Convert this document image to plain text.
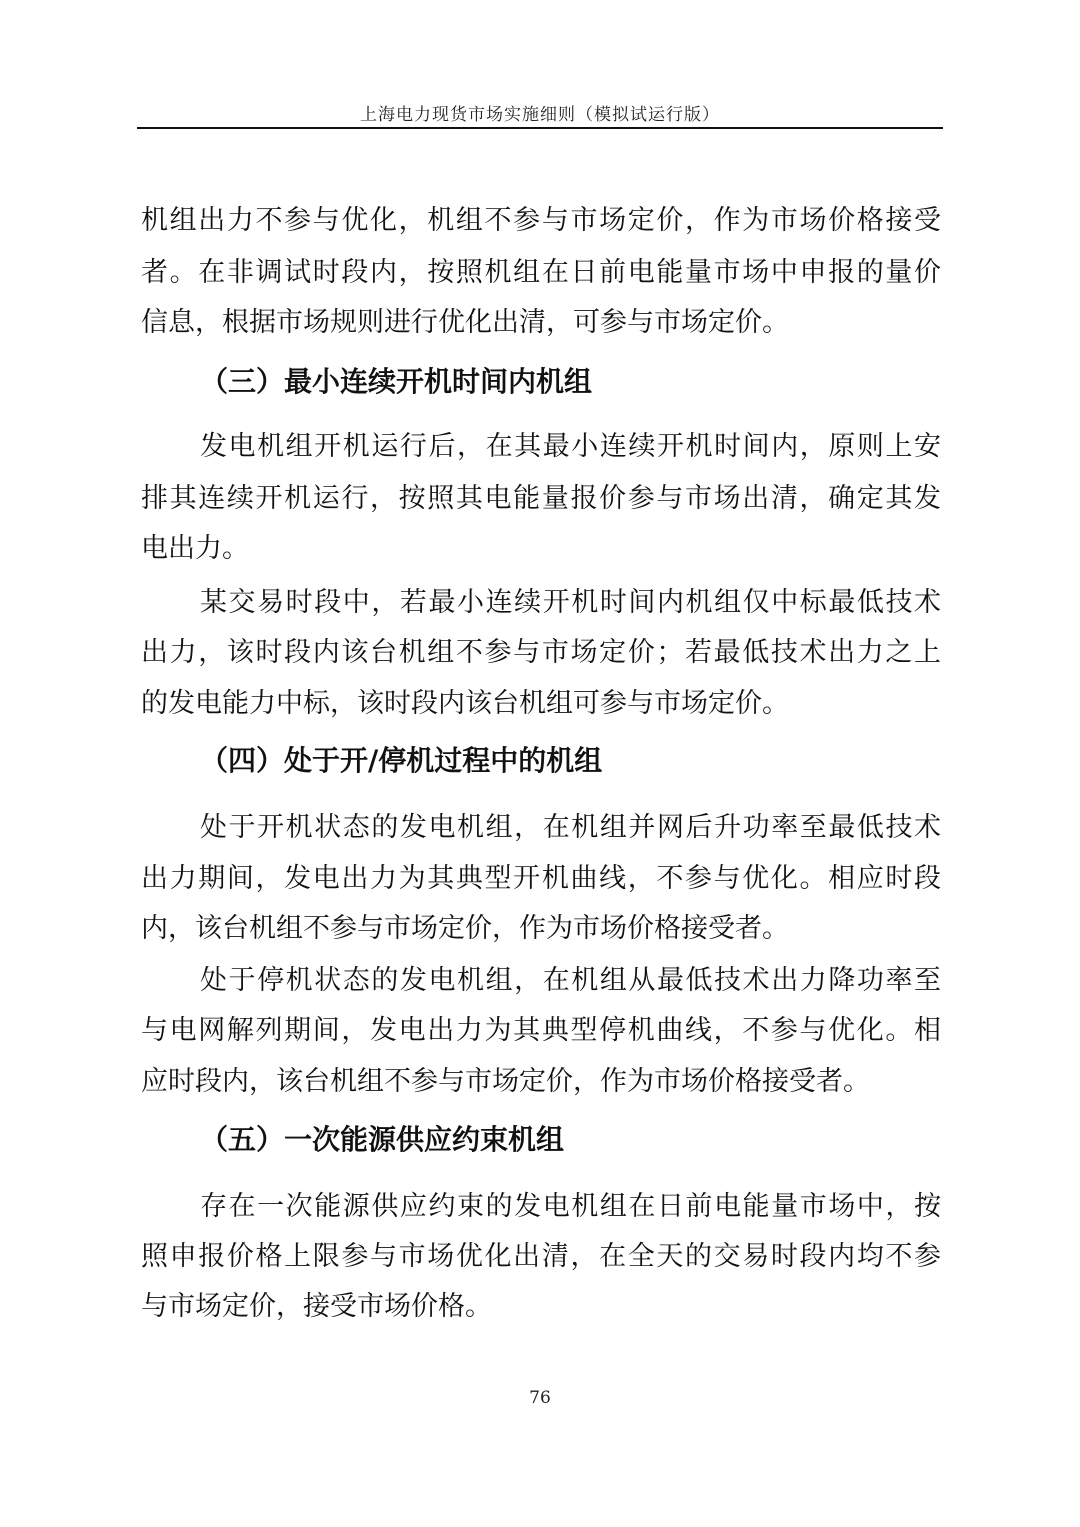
上海电力现货市场实施细则（模拟试运行版）
机组出力不参与优化，机组不参与市场定价，作为市场价格接受
者。在非调试时段内，按照机组在日前电能量市场中申报的量价
信息，根据市场规则进行优化出清，可参与市场定价。
（三）最小连续开机时间内机组
发电机组开机运行后，在其最小连续开机时间内，原则上安
排其连续开机运行，按照其电能量报价参与市场出清，确定其发
电出力。
某交易时段中，若最小连续开机时间内机组仅中标最低技术
出力，该时段内该台机组不参与市场定价；若最低技术出力之上
的发电能力中标，该时段内该台机组可参与市场定价。
（四）处于开/停机过程中的机组
处于开机状态的发电机组，在机组并网后升功率至最低技术
出力期间，发电出力为其典型开机曲线，不参与优化。相应时段
内，该台机组不参与市场定价，作为市场价格接受者。
处于停机状态的发电机组，在机组从最低技术出力降功率至
与电网解列期间，发电出力为其典型停机曲线，不参与优化。相
应时段内，该台机组不参与市场定价，作为市场价格接受者。
（五）一次能源供应约束机组
存在一次能源供应约束的发电机组在日前电能量市场中，按
照申报价格上限参与市场优化出清，在全天的交易时段内均不参
与市场定价，接受市场价格。
76
